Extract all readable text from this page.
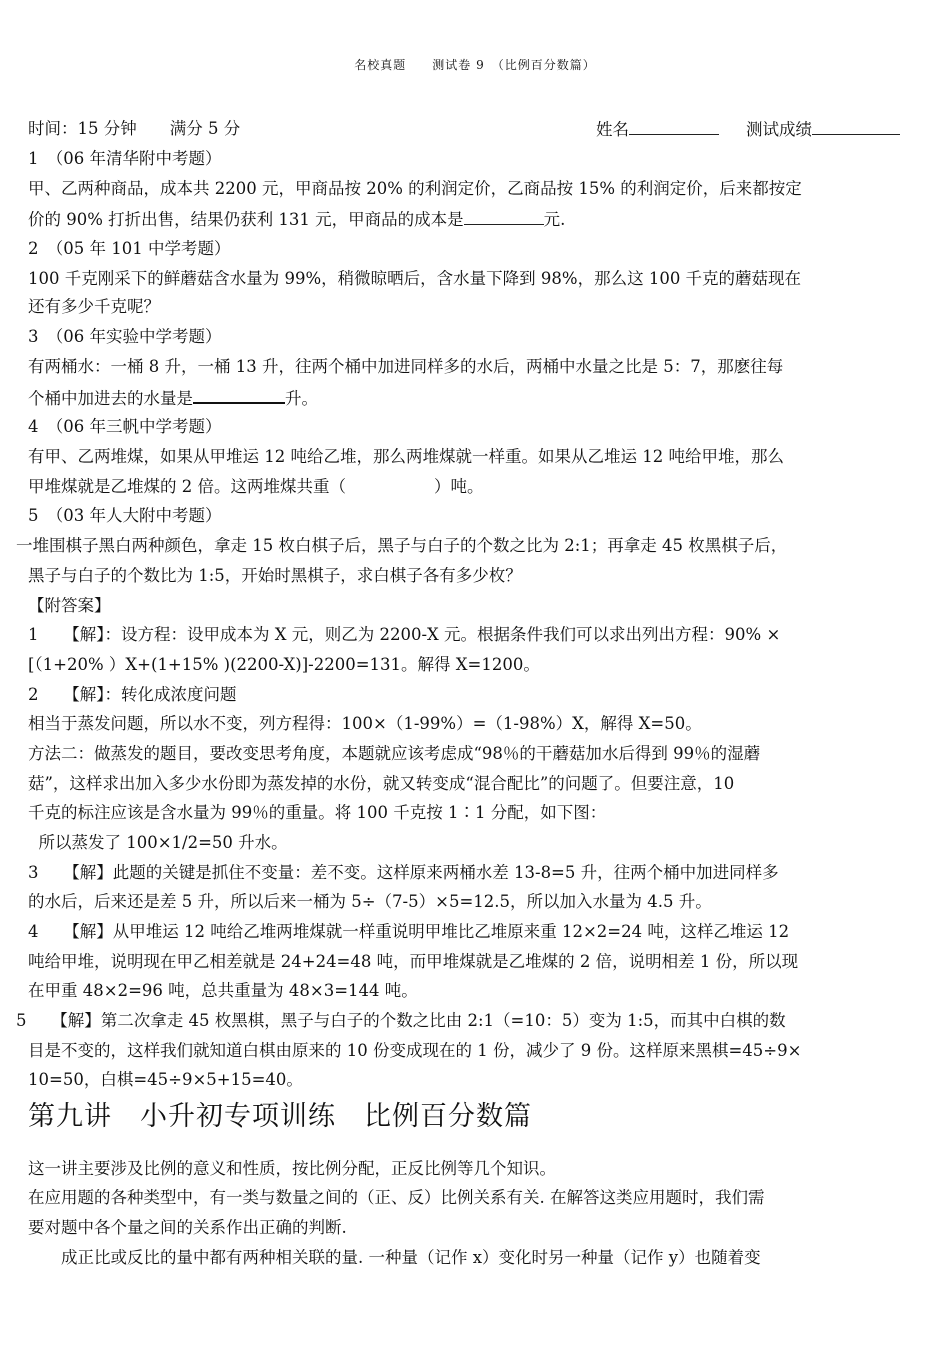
名校真题　　测试卷 9　（比例百分数篇）
时间：15 分钟　　满分 5 分	姓名	测试成绩
1　（06 年清华附中考题）
甲、乙两种商品，成本共 2200 元，甲商品按 20% 的利润定价，乙商品按 15% 的利润定价，后来都按定
价的 90% 打折出售，结果仍获利 131 元，甲商品的成本是	元.
2　（05 年 101 中学考题）
100 千克刚采下的鲜蘑菇含水量为 99%，稍微晾晒后，含水量下降到 98%，那么这 100 千克的蘑菇现在
还有多少千克呢？
3　（06 年实验中学考题）
有两桶水：一桶 8 升，一桶 13 升，往两个桶中加进同样多的水后，两桶中水量之比是 5：7，那麽往每
个桶中加进去的水量是	升。
4　（06 年三帆中学考题）
有甲、乙两堆煤，如果从甲堆运 12 吨给乙堆，那么两堆煤就一样重。如果从乙堆运 12 吨给甲堆，那么
甲堆煤就是乙堆煤的 2 倍。这两堆煤共重（	）吨。
5　（03 年人大附中考题）
一堆围棋子黑白两种颜色，拿走 15 枚白棋子后，黑子与白子的个数之比为 2:1；再拿走 45 枚黑棋子后，
黑子与白子的个数比为 1:5，开始时黑棋子，求白棋子各有多少枚？
【附答案】
1　　【解】：设方程：设甲成本为 X 元，则乙为 2200-X 元。根据条件我们可以求出列出方程：90% ×
[（1+20% ）X+(1+15% )(2200-X)]-2200=131。解得 X=1200。
2　　【解】：转化成浓度问题
相当于蒸发问题，所以水不变，列方程得：100×（1-99%）=（1-98%）X，解得 X=50。
方法二：做蒸发的题目，要改变思考角度，本题就应该考虑成“98％的干蘑菇加水后得到 99％的湿蘑
菇”，这样求出加入多少水份即为蒸发掉的水份，就又转变成“混合配比”的问题了。但要注意，10
千克的标注应该是含水量为 99％的重量。将 100 千克按 1∶1 分配，如下图：
所以蒸发了 100×1/2=50 升水。
3　　【解】此题的关键是抓住不变量：差不变。这样原来两桶水差 13-8=5 升，往两个桶中加进同样多
的水后，后来还是差 5 升，所以后来一桶为 5÷（7-5）×5=12.5，所以加入水量为 4.5 升。
4　　【解】从甲堆运 12 吨给乙堆两堆煤就一样重说明甲堆比乙堆原来重 12×2=24 吨，这样乙堆运 12
吨给甲堆，说明现在甲乙相差就是 24+24=48 吨，而甲堆煤就是乙堆煤的 2 倍，说明相差 1 份，所以现
在甲重 48×2=96 吨，总共重量为 48×3=144 吨。
5　　【解】第二次拿走 45 枚黑棋，黑子与白子的个数之比由 2:1（=10：5）变为 1:5，而其中白棋的数
目是不变的，这样我们就知道白棋由原来的 10 份变成现在的 1 份，减少了 9 份。这样原来黑棋=45÷9×
10=50，白棋=45÷9×5+15=40。
第九讲　小升初专项训练　比例百分数篇
这一讲主要涉及比例的意义和性质，按比例分配，正反比例等几个知识。
在应用题的各种类型中，有一类与数量之间的（正、反）比例关系有关. 在解答这类应用题时，我们需
要对题中各个量之间的关系作出正确的判断.
　　成正比或反比的量中都有两种相关联的量. 一种量（记作 x）变化时另一种量（记作 y）也随着变
